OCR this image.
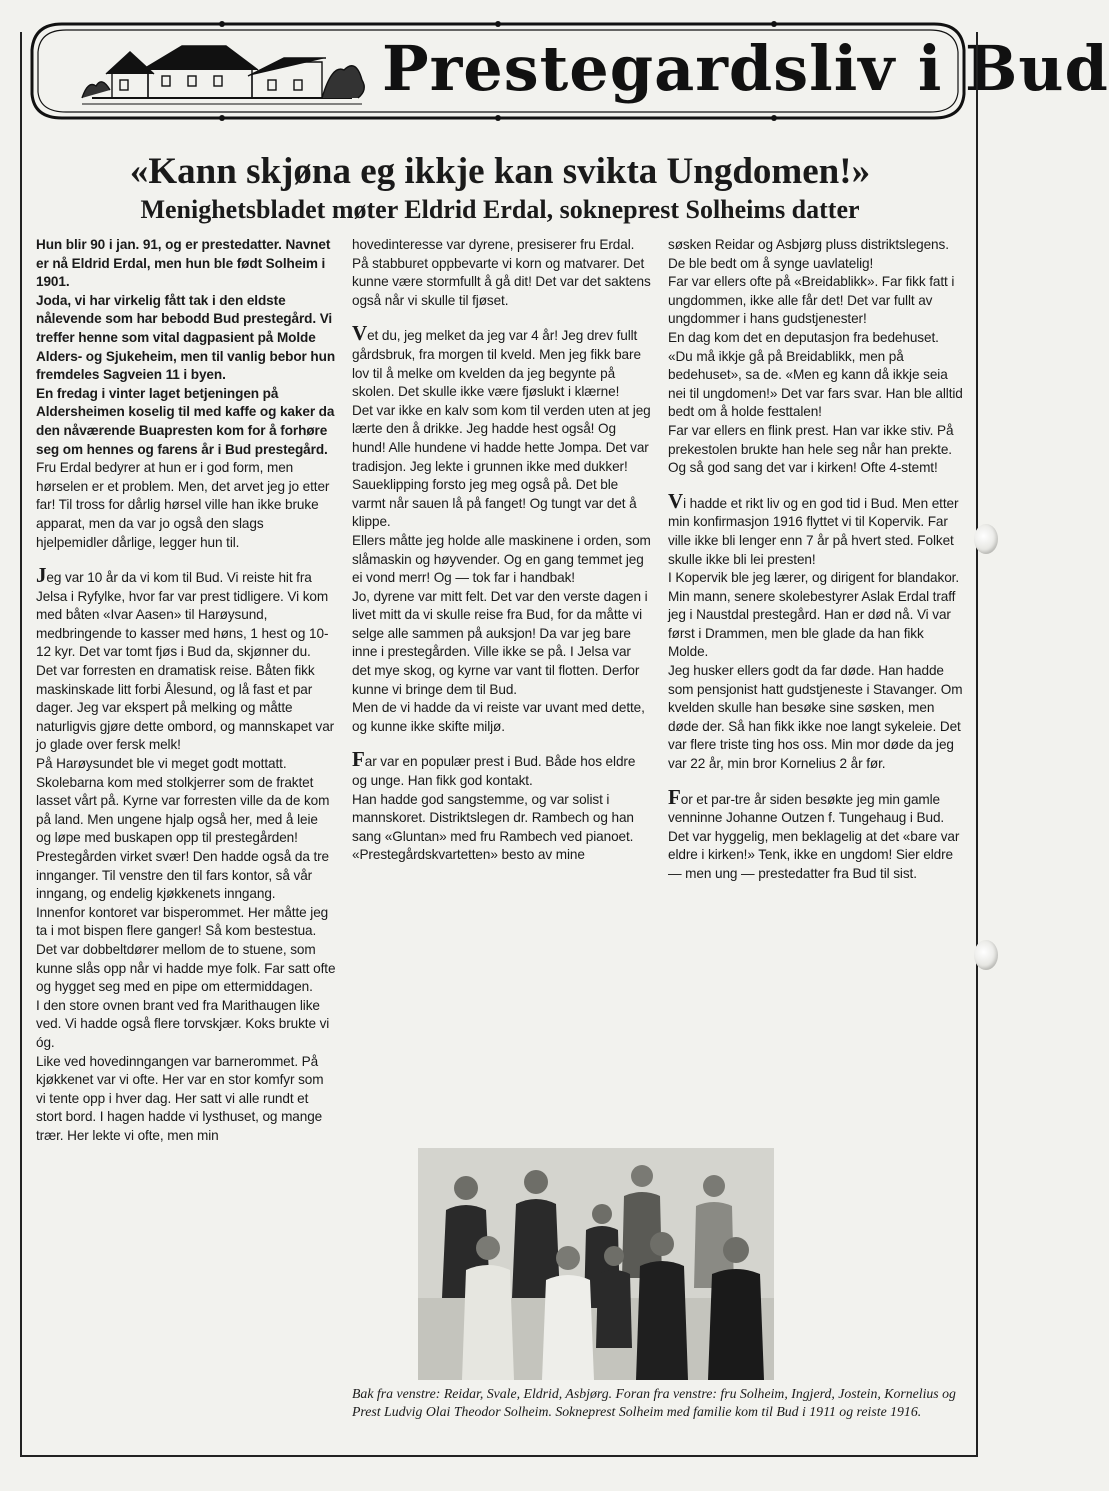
Prestegardsliv i Bud
«Kann skjøna eg ikkje kan svikta Ungdomen!»
Menighetsbladet møter Eldrid Erdal, sokneprest Solheims datter

Hun blir 90 i jan. 91, og er prestedatter. Navnet er nå Eldrid Erdal, men hun ble født Solheim i 1901.

Joda, vi har virkelig fått tak i den eldste nålevende som har bebodd Bud prestegård. Vi treffer henne som vital dagpasient på Molde Alders- og Sjukeheim, men til vanlig bebor hun fremdeles Sagveien 11 i byen.

En fredag i vinter laget betjeningen på Aldersheimen koselig til med kaffe og kaker da den nåværende Buapresten kom for å forhøre seg om hennes og farens år i Bud prestegård.

Fru Erdal bedyrer at hun er i god form, men hørselen er et problem. Men, det arvet jeg jo etter far! Til tross for dårlig hørsel ville han ikke bruke apparat, men da var jo også den slags hjelpemidler dårlige, legger hun til.

Jeg var 10 år da vi kom til Bud. Vi reiste hit fra Jelsa i Ryfylke, hvor far var prest tidligere. Vi kom med båten «Ivar Aasen» til Harøysund, medbringende to kasser med høns, 1 hest og 10-12 kyr. Det var tomt fjøs i Bud da, skjønner du.

Det var forresten en dramatisk reise. Båten fikk maskinskade litt forbi Ålesund, og lå fast et par dager. Jeg var ekspert på melking og måtte naturligvis gjøre dette ombord, og mannskapet var jo glade over fersk melk!

På Harøysundet ble vi meget godt mottatt. Skolebarna kom med stolkjerrer som de fraktet lasset vårt på. Kyrne var forresten ville da de kom på land. Men ungene hjalp også her, med å leie og løpe med buskapen opp til prestegården!

Prestegården virket svær! Den hadde også da tre innganger. Til venstre den til fars kontor, så vår inngang, og endelig kjøkkenets inngang.

Innenfor kontoret var bisperommet. Her måtte jeg ta i mot bispen flere ganger! Så kom bestestua. Det var dobbeltdører mellom de to stuene, som kunne slås opp når vi hadde mye folk. Far satt ofte og hygget seg med en pipe om ettermiddagen.

I den store ovnen brant ved fra Marithaugen like ved. Vi hadde også flere torvskjær. Koks brukte vi óg.

Like ved hovedinngangen var barnerommet. På kjøkkenet var vi ofte. Her var en stor komfyr som vi tente opp i hver dag. Her satt vi alle rundt et stort bord. I hagen hadde vi lysthuset, og mange trær. Her lekte vi ofte, men min

hovedinteresse var dyrene, presiserer fru Erdal.

På stabburet oppbevarte vi korn og matvarer. Det kunne være stormfullt å gå dit! Det var det saktens også når vi skulle til fjøset.

Vet du, jeg melket da jeg var 4 år! Jeg drev fullt gårdsbruk, fra morgen til kveld. Men jeg fikk bare lov til å melke om kvelden da jeg begynte på skolen. Det skulle ikke være fjøslukt i klærne!

Det var ikke en kalv som kom til verden uten at jeg lærte den å drikke. Jeg hadde hest også! Og hund! Alle hundene vi hadde hette Jompa. Det var tradisjon. Jeg lekte i grunnen ikke med dukker!

Saueklipping forsto jeg meg også på. Det ble varmt når sauen lå på fanget! Og tungt var det å klippe.

Ellers måtte jeg holde alle maskinene i orden, som slåmaskin og høyvender. Og en gang temmet jeg ei vond merr! Og — tok far i handbak!

Jo, dyrene var mitt felt. Det var den verste dagen i livet mitt da vi skulle reise fra Bud, for da måtte vi selge alle sammen på auksjon! Da var jeg bare inne i prestegården. Ville ikke se på. I Jelsa var det mye skog, og kyrne var vant til flotten. Derfor kunne vi bringe dem til Bud.

Men de vi hadde da vi reiste var uvant med dette, og kunne ikke skifte miljø.

Far var en populær prest i Bud. Både hos eldre og unge. Han fikk god kontakt.

Han hadde god sangstemme, og var solist i mannskoret. Distriktslegen dr. Rambech og han sang «Gluntan» med fru Rambech ved pianoet.

«Prestegårdskvartetten» besto av mine

søsken Reidar og Asbjørg pluss distriktslegens. De ble bedt om å synge uavlatelig!

Far var ellers ofte på «Breidablikk». Far fikk fatt i ungdommen, ikke alle får det! Det var fullt av ungdommer i hans gudstjenester!

En dag kom det en deputasjon fra bedehuset. «Du må ikkje gå på Breidablikk, men på bedehuset», sa de. «Men eg kann då ikkje seia nei til ungdomen!» Det var fars svar. Han ble alltid bedt om å holde festtalen!

Far var ellers en flink prest. Han var ikke stiv. På prekestolen brukte han hele seg når han prekte. Og så god sang det var i kirken! Ofte 4-stemt!

Vi hadde et rikt liv og en god tid i Bud. Men etter min konfirmasjon 1916 flyttet vi til Kopervik. Far ville ikke bli lenger enn 7 år på hvert sted. Folket skulle ikke bli lei presten!

I Kopervik ble jeg lærer, og dirigent for blandakor. Min mann, senere skolebestyrer Aslak Erdal traff jeg i Naustdal prestegård. Han er død nå. Vi var først i Drammen, men ble glade da han fikk Molde.

Jeg husker ellers godt da far døde. Han hadde som pensjonist hatt gudstjeneste i Stavanger. Om kvelden skulle han besøke sine søsken, men døde der. Så han fikk ikke noe langt sykeleie. Det var flere triste ting hos oss. Min mor døde da jeg var 22 år, min bror Kornelius 2 år før.

For et par-tre år siden besøkte jeg min gamle venninne Johanne Outzen f. Tungehaug i Bud. Det var hyggelig, men beklagelig at det «bare var eldre i kirken!» Tenk, ikke en ungdom! Sier eldre — men ung — prestedatter fra Bud til sist.

Bak fra venstre: Reidar, Svale, Eldrid, Asbjørg. Foran fra venstre: fru Solheim, Ingjerd, Jostein, Kornelius og Prest Ludvig Olai Theodor Solheim. Sokneprest Solheim med familie kom til Bud i 1911 og reiste 1916.
